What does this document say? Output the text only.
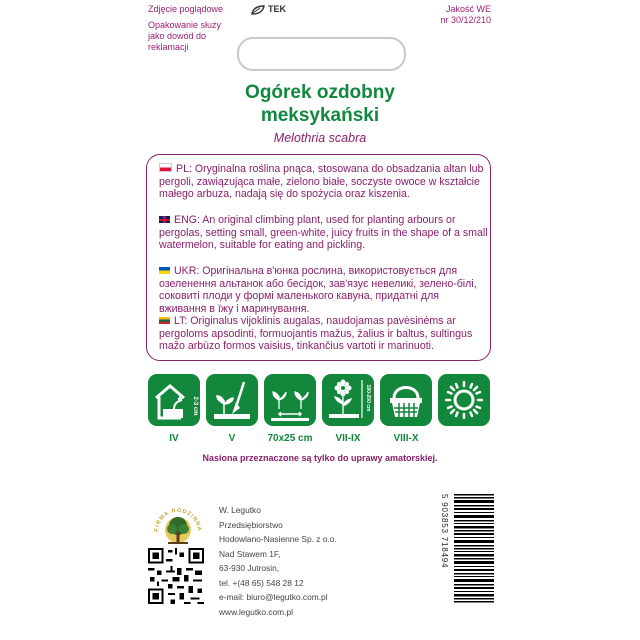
Zdjęcie poglądowe	TEK	Jakość WE
nr 30/12/210
Opakowanie służy jako dowód do reklamacji
Ogórek ozdobny
meksykański
Melothria scabra
PL: Oryginalna roślina pnąca, stosowana do obsadzania altan lub pergoli, zawiązująca małe, zielono białe, soczyste owoce w kształcie małego arbuza, nadają się do spożycia oraz kiszenia.
ENG: An original climbing plant, used for planting arbours or pergolas, setting small, green-white, juicy fruits in the shape of a small watermelon, suitable for eating and pickling.
UKR: Оригінальна в'юнка рослина, використовується для озеленення альтанок або бесідок, зав'язує невеликі, зелено-білі, соковиті плоди у формі маленького кавуна, придатні для вживання в їжу і маринування.
LT: Originalus vijoklinis augalas, naudojamas pavėsinėms ar pergoloms apsodinti, formuojantis mažus, žalius ir baltus, sultingus mažo arbūzo formos vaisius, tinkančius vartoti ir marinuoti.
2-3 cm	180-200 cm
IV	V	70x25 cm	VII-IX	VIII-X
Nasiona przeznaczone są tylko do uprawy amatorskiej.
FIRMA RODZINNA
W. Legutko
Przedsiębiorstwo
Hodowlano-Nasienne Sp. z o.o.
Nad Stawem 1F,
63-930 Jutrosin,
tel. +(48 65) 548 28 12
e-mail: biuro@legutko.com.pl
www.legutko.com.pl
5 903853 718494
